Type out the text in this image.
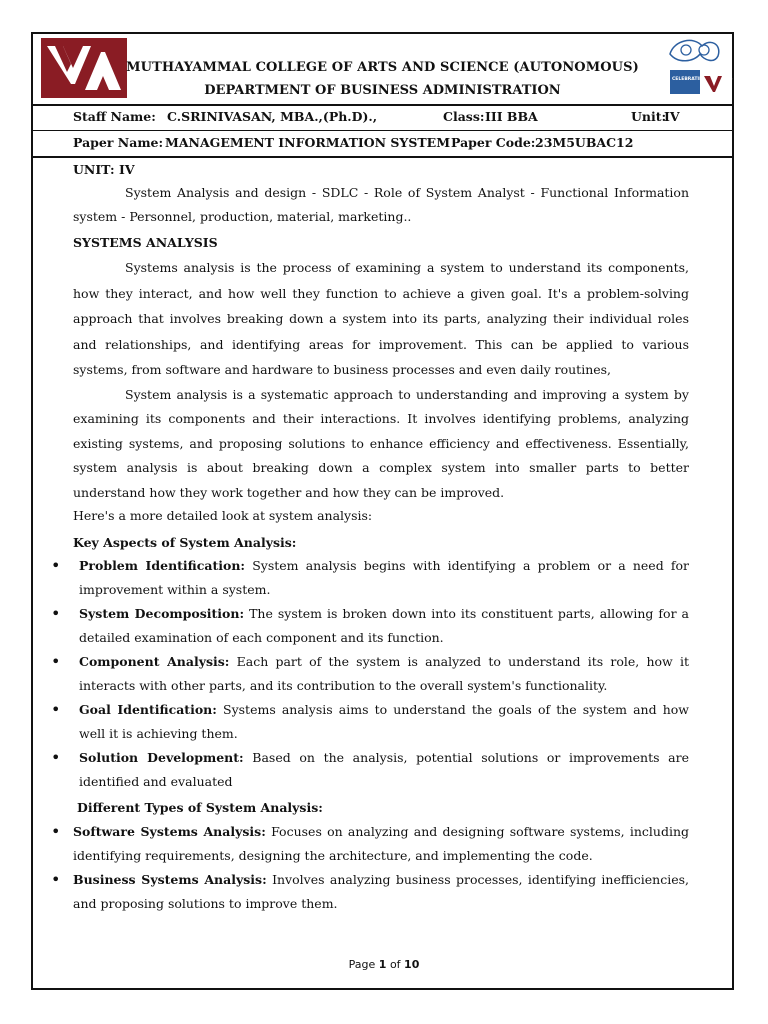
MUTHAYAMMAL COLLEGE OF ARTS AND SCIENCE (AUTONOMOUS)
DEPARTMENT OF BUSINESS ADMINISTRATION
CELEBRATING 25 YEARS
Staff Name: C.SRINIVASAN, MBA.,(Ph.D).,	Class: III BBA	Unit:
IV
Paper Name: MANAGEMENT INFORMATION SYSTEM Paper Code: 23M5UBAC12

UNIT: IV

System Analysis and design - SDLC - Role of System Analyst - Functional Information system - Personnel, production, material, marketing..

SYSTEMS ANALYSIS

Systems analysis is the process of examining a system to understand its components, how they interact, and how well they function to achieve a given goal. It's a problem-solving approach that involves breaking down a system into its parts, analyzing their individual roles and relationships, and identifying areas for improvement. This can be applied to various systems, from software and hardware to business processes and even daily routines,

System analysis is a systematic approach to understanding and improving a system by examining its components and their interactions. It involves identifying problems, analyzing existing systems, and proposing solutions to enhance efficiency and effectiveness. Essentially, system analysis is about breaking down a complex system into smaller parts to better understand how they work together and how they can be improved.

Here's a more detailed look at system analysis:

Key Aspects of System Analysis:

• Problem Identification: System analysis begins with identifying a problem or a need for improvement within a system.
• System Decomposition: The system is broken down into its constituent parts, allowing for a detailed examination of each component and its function.
• Component Analysis: Each part of the system is analyzed to understand its role, how it interacts with other parts, and its contribution to the overall system's functionality.
• Goal Identification: Systems analysis aims to understand the goals of the system and how well it is achieving them.
• Solution Development: Based on the analysis, potential solutions or improvements are identified and evaluated

Different Types of System Analysis:

• Software Systems Analysis: Focuses on analyzing and designing software systems, including identifying requirements, designing the architecture, and implementing the code.
• Business Systems Analysis: Involves analyzing business processes, identifying inefficiencies, and proposing solutions to improve them.
Page 1 of 10
